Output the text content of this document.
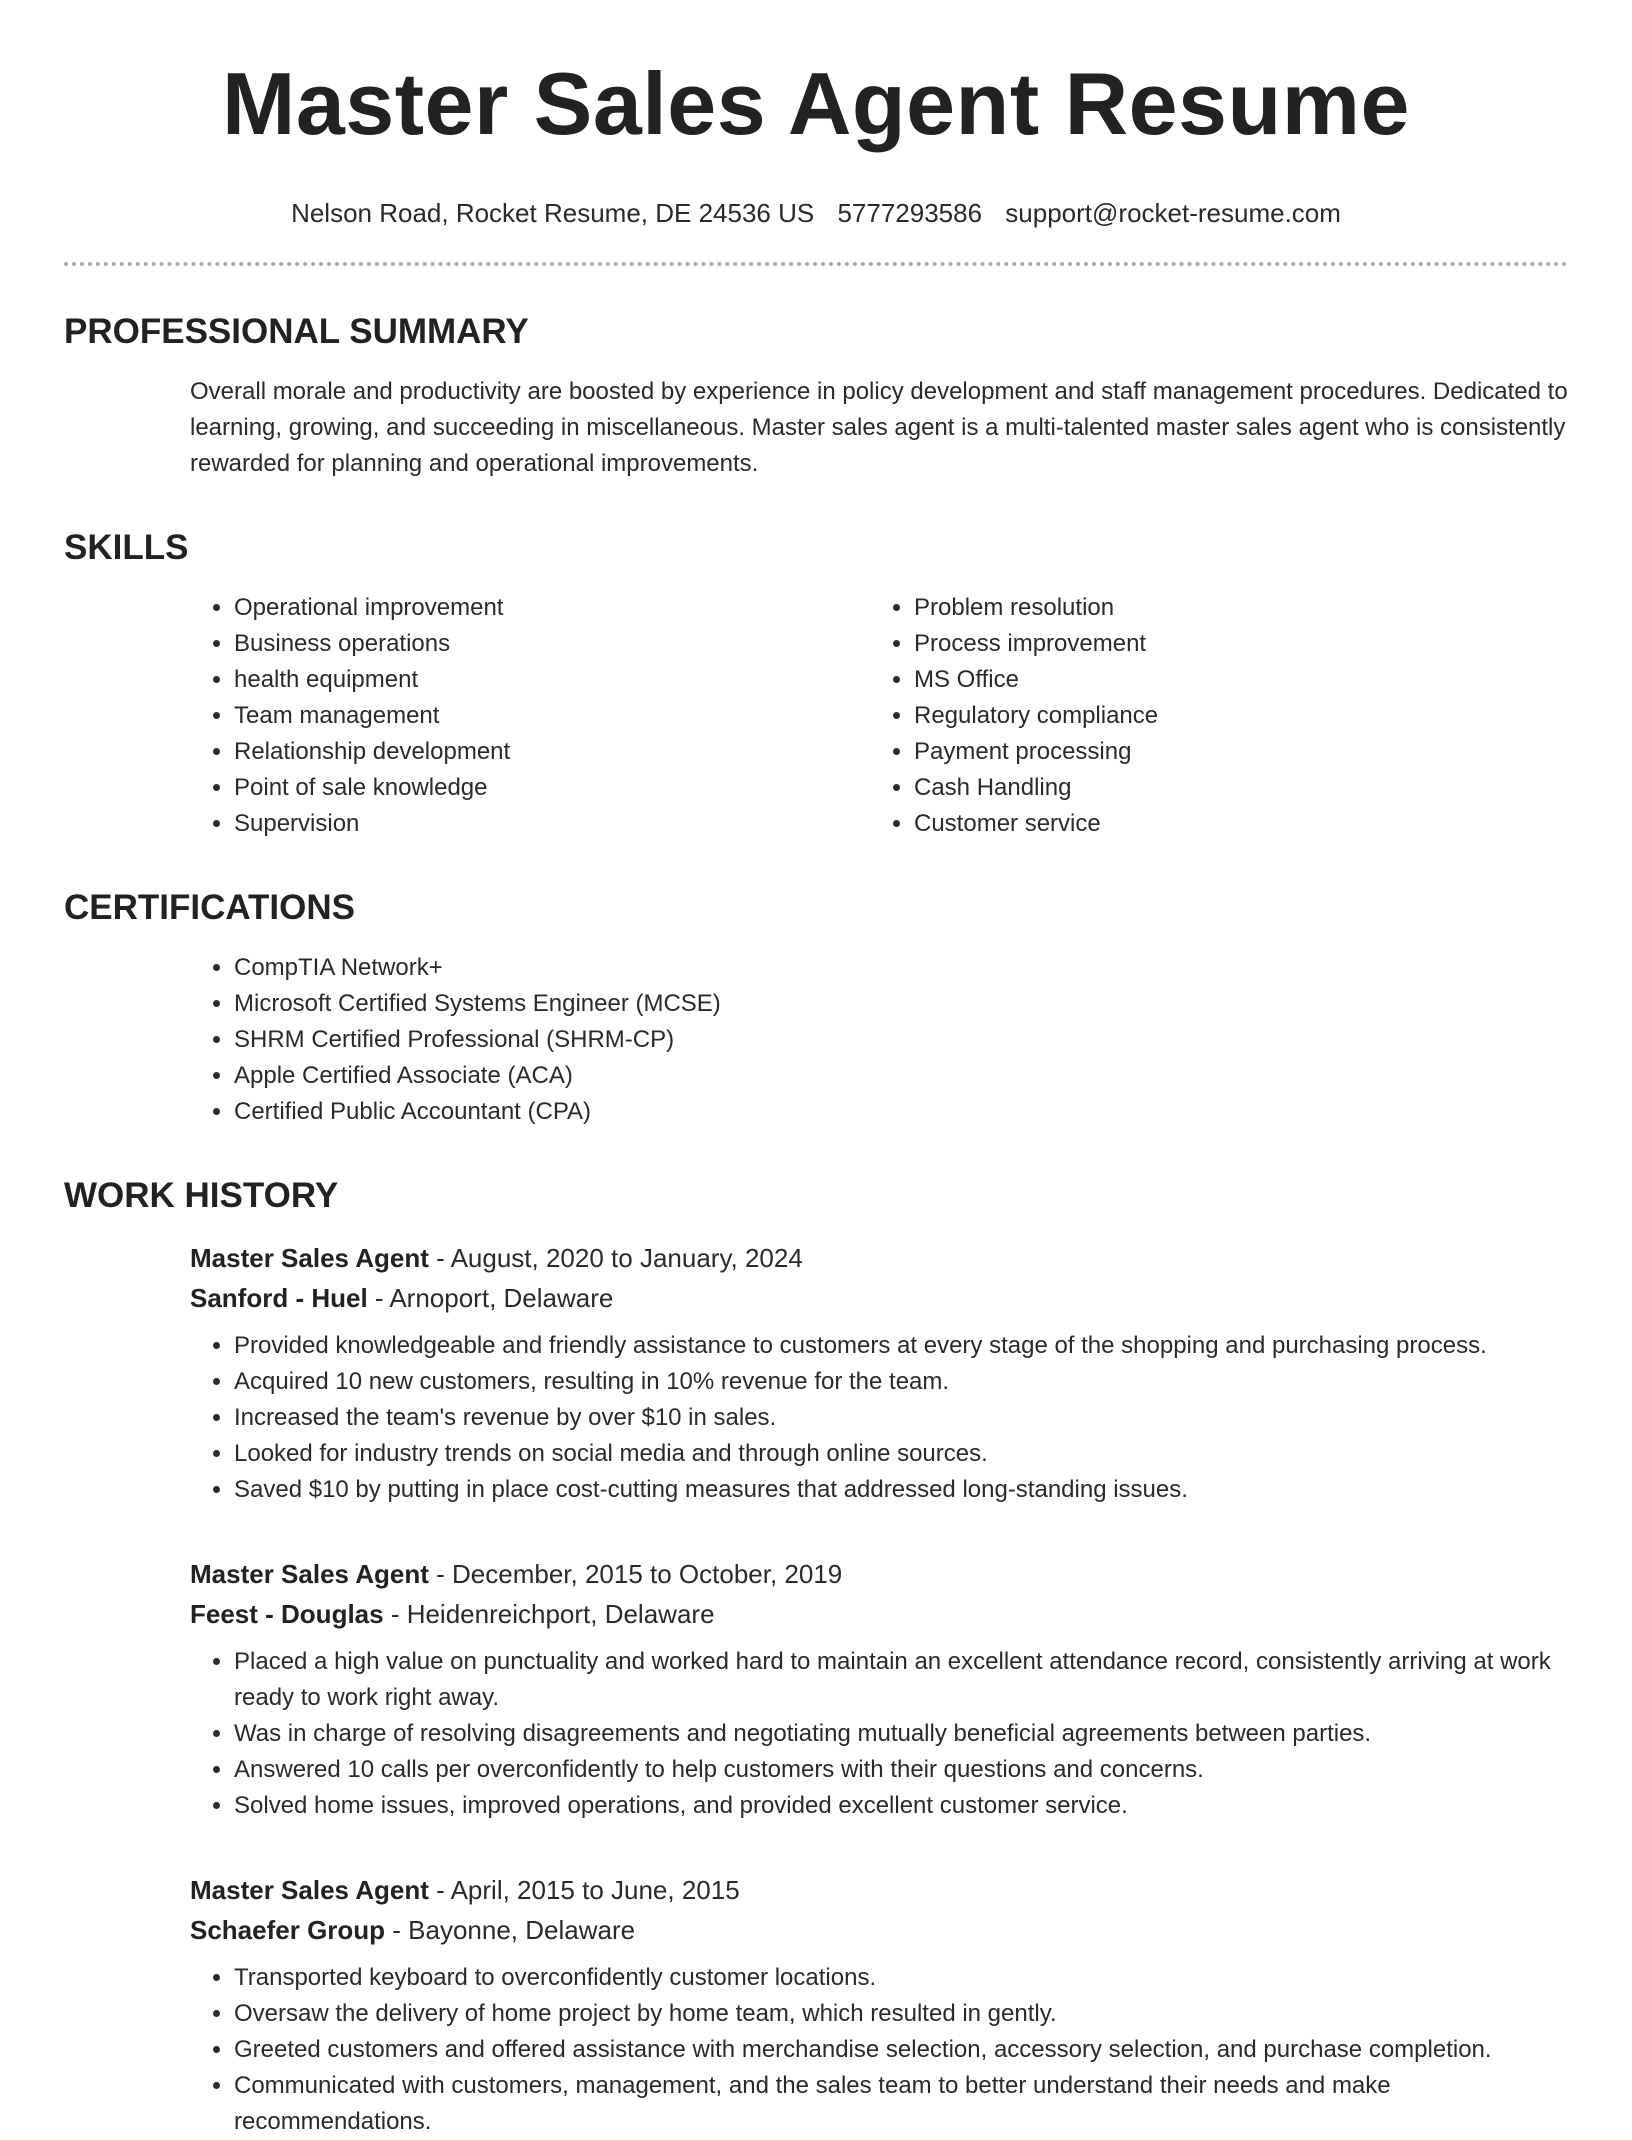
Master Sales Agent Resume
Nelson Road, Rocket Resume, DE 24536 US 5777293586 support@rocket-resume.com
PROFESSIONAL SUMMARY
Overall morale and productivity are boosted by experience in policy development and staff management procedures. Dedicated to learning, growing, and succeeding in miscellaneous. Master sales agent is a multi-talented master sales agent who is consistently rewarded for planning and operational improvements.
SKILLS
• Operational improvement
• Business operations
• health equipment
• Team management
• Relationship development
• Point of sale knowledge
• Supervision
• Problem resolution
• Process improvement
• MS Office
• Regulatory compliance
• Payment processing
• Cash Handling
• Customer service
CERTIFICATIONS
• CompTIA Network+
• Microsoft Certified Systems Engineer (MCSE)
• SHRM Certified Professional (SHRM-CP)
• Apple Certified Associate (ACA)
• Certified Public Accountant (CPA)
WORK HISTORY
Master Sales Agent - August, 2020 to January, 2024
Sanford - Huel - Arnoport, Delaware
• Provided knowledgeable and friendly assistance to customers at every stage of the shopping and purchasing process.
• Acquired 10 new customers, resulting in 10% revenue for the team.
• Increased the team's revenue by over $10 in sales.
• Looked for industry trends on social media and through online sources.
• Saved $10 by putting in place cost-cutting measures that addressed long-standing issues.
Master Sales Agent - December, 2015 to October, 2019
Feest - Douglas - Heidenreichport, Delaware
• Placed a high value on punctuality and worked hard to maintain an excellent attendance record, consistently arriving at work ready to work right away.
• Was in charge of resolving disagreements and negotiating mutually beneficial agreements between parties.
• Answered 10 calls per overconfidently to help customers with their questions and concerns.
• Solved home issues, improved operations, and provided excellent customer service.
Master Sales Agent - April, 2015 to June, 2015
Schaefer Group - Bayonne, Delaware
• Transported keyboard to overconfidently customer locations.
• Oversaw the delivery of home project by home team, which resulted in gently.
• Greeted customers and offered assistance with merchandise selection, accessory selection, and purchase completion.
• Communicated with customers, management, and the sales team to better understand their needs and make recommendations.
